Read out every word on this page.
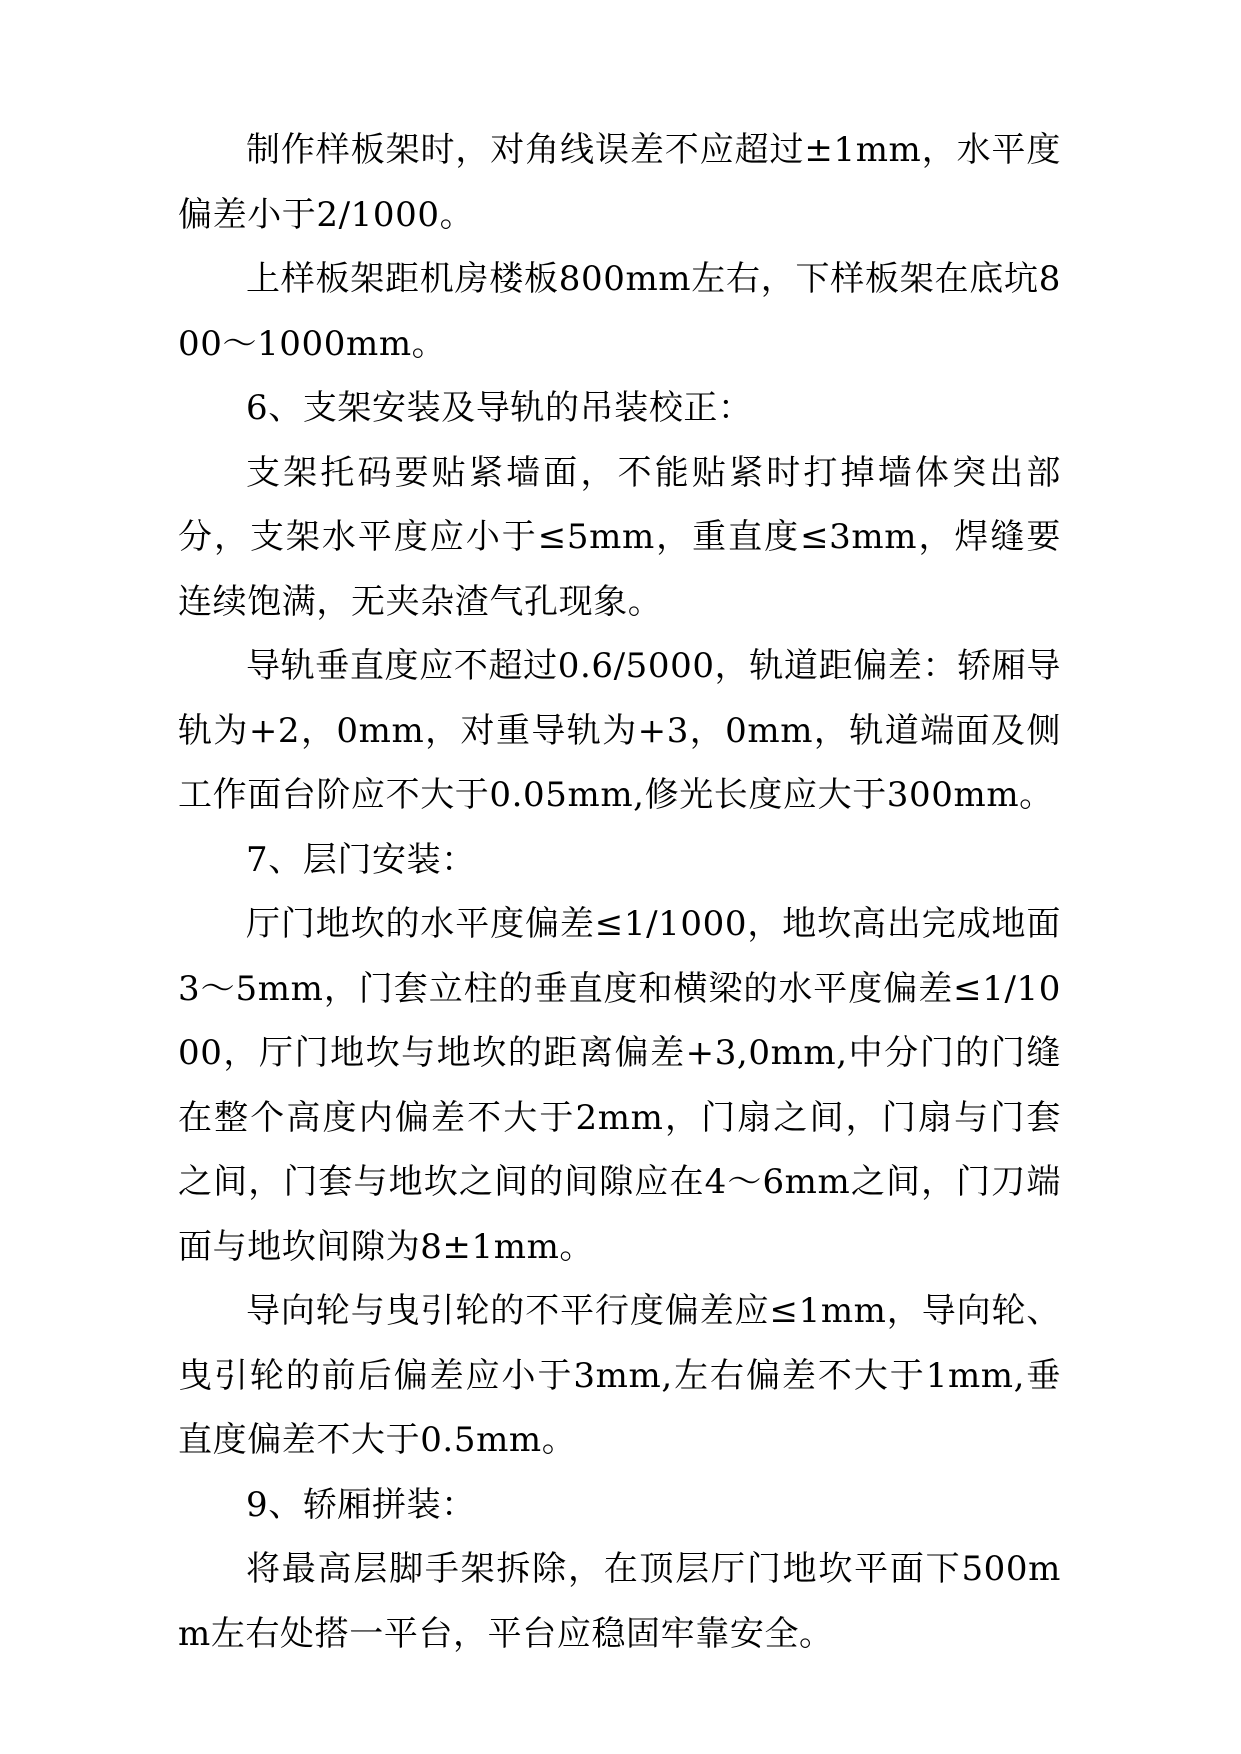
制作样板架时，对角线误差不应超过±1mm，水平度偏差小于2/1000。

上样板架距机房楼板800mm左右，下样板架在底坑800～1000mm。

6、支架安装及导轨的吊装校正：

支架托码要贴紧墙面，不能贴紧时打掉墙体突出部分，支架水平度应小于≤5mm，重直度≤3mm，焊缝要连续饱满，无夹杂渣气孔现象。

导轨垂直度应不超过0.6/5000，轨道距偏差：轿厢导轨为+2，0mm，对重导轨为+3，0mm，轨道端面及侧工作面台阶应不大于0.05mm,修光长度应大于300mm。

7、层门安装：

厅门地坎的水平度偏差≤1/1000，地坎高出完成地面3～5mm，门套立柱的垂直度和横梁的水平度偏差≤1/1000，厅门地坎与地坎的距离偏差+3,0mm,中分门的门缝在整个高度内偏差不大于2mm，门扇之间，门扇与门套之间，门套与地坎之间的间隙应在4～6mm之间，门刀端面与地坎间隙为8±1mm。

导向轮与曳引轮的不平行度偏差应≤1mm，导向轮、曳引轮的前后偏差应小于3mm,左右偏差不大于1mm,垂直度偏差不大于0.5mm。

9、轿厢拼装：

将最高层脚手架拆除，在顶层厅门地坎平面下500mm左右处搭一平台，平台应稳固牢靠安全。
